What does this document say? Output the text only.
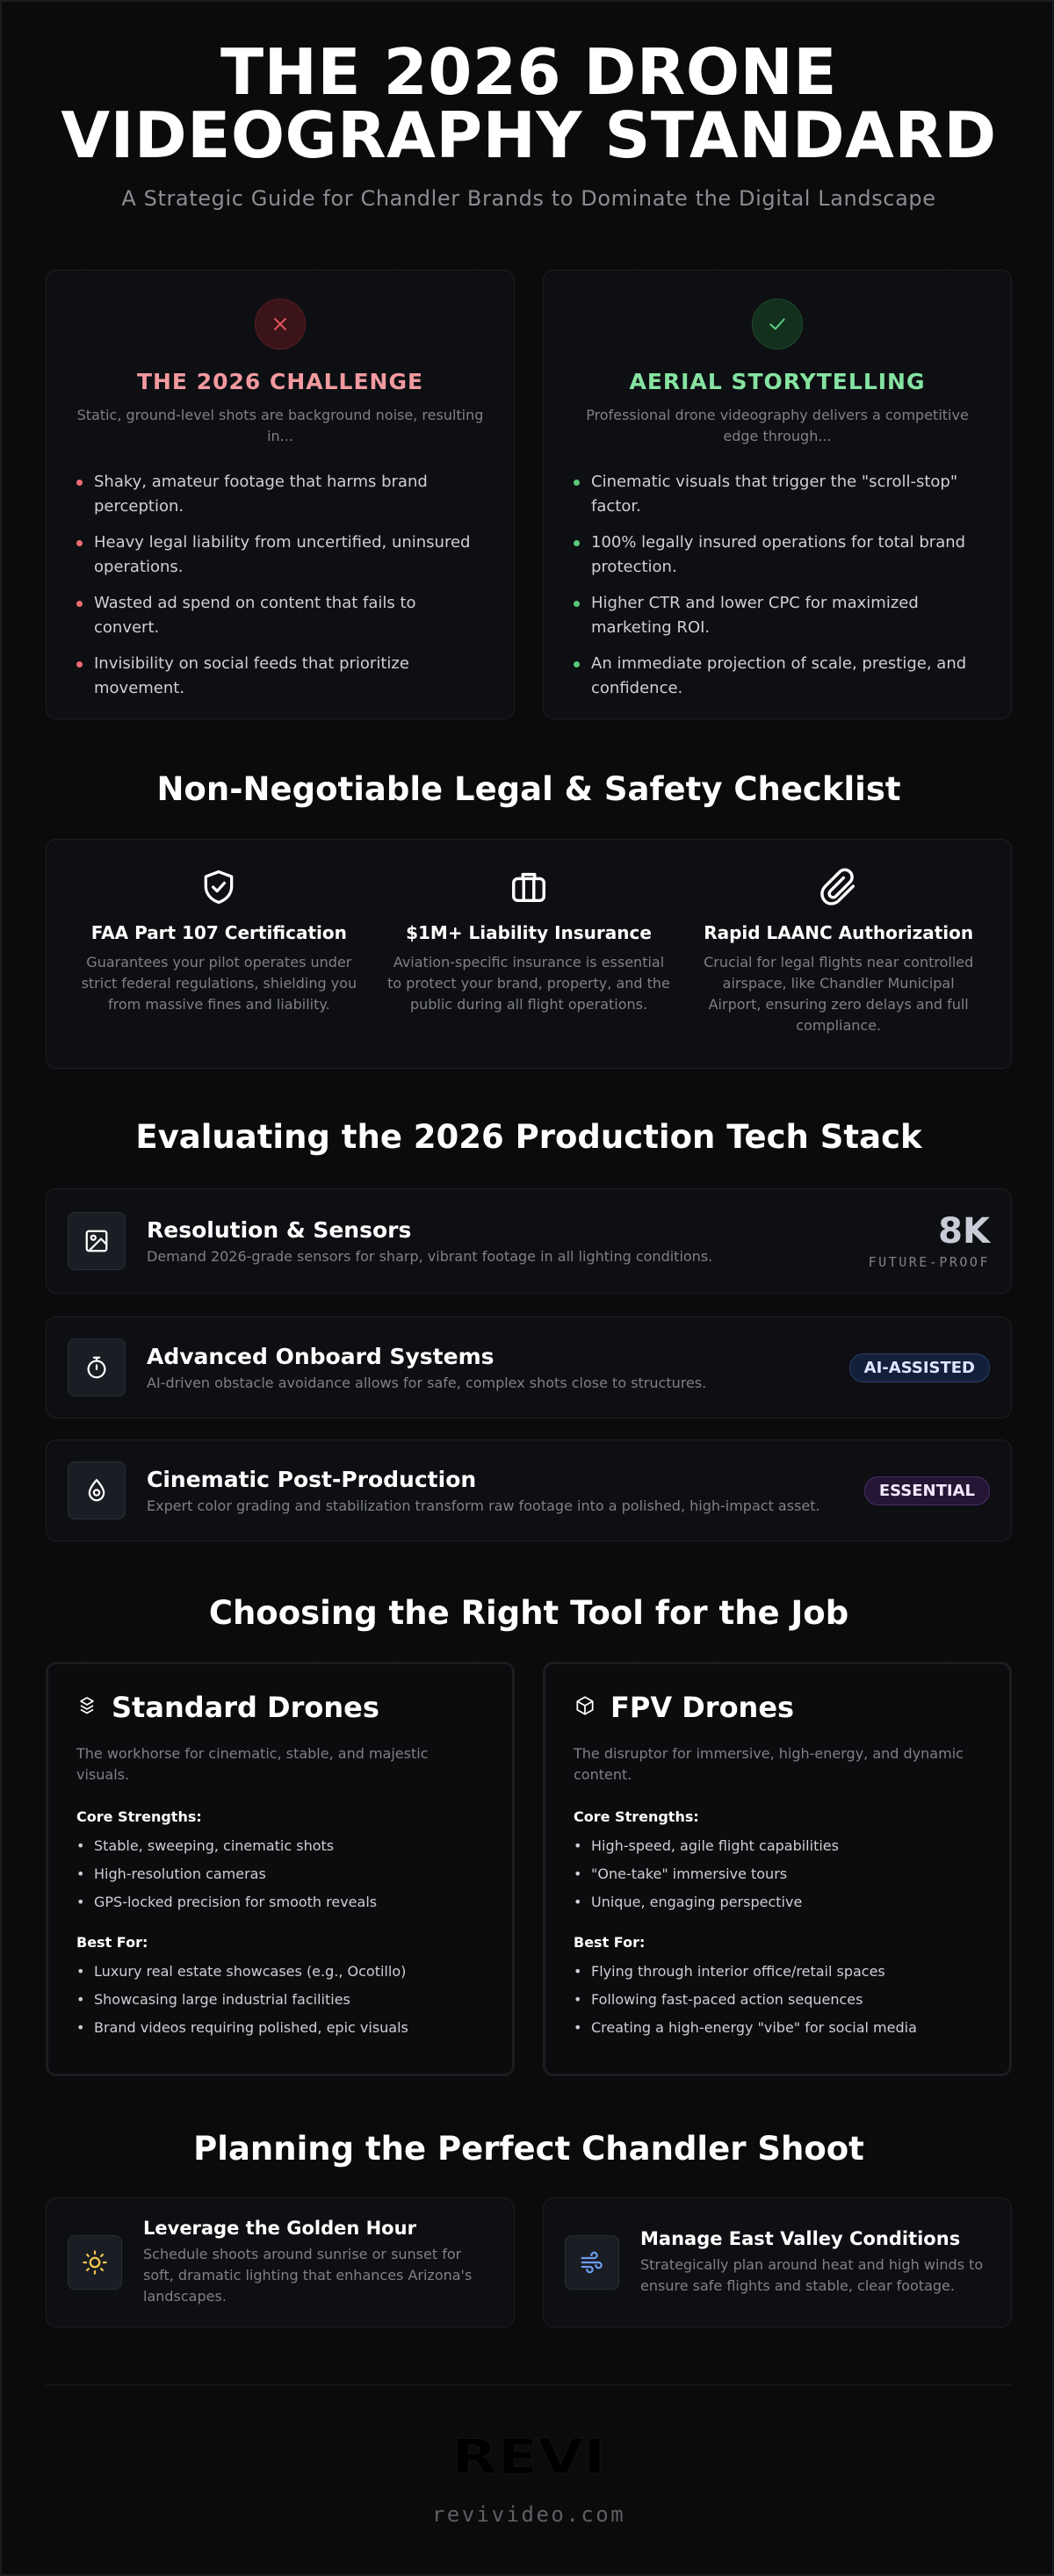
THE 2026 DRONE
VIDEOGRAPHY STANDARD
A Strategic Guide for Chandler Brands to Dominate the Digital Landscape
THE 2026 CHALLENGE
Static, ground-level shots are background noise, resulting in...
Shaky, amateur footage that harms brand perception.
Heavy legal liability from uncertified, uninsured operations.
Wasted ad spend on content that fails to convert.
Invisibility on social feeds that prioritize movement.
AERIAL STORYTELLING
Professional drone videography delivers a competitive edge through...
Cinematic visuals that trigger the "scroll-stop" factor.
100% legally insured operations for total brand protection.
Higher CTR and lower CPC for maximized marketing ROI.
An immediate projection of scale, prestige, and confidence.
Non-Negotiable Legal & Safety Checklist
FAA Part 107 Certification
Guarantees your pilot operates under strict federal regulations, shielding you from massive fines and liability.
$1M+ Liability Insurance
Aviation-specific insurance is essential to protect your brand, property, and the public during all flight operations.
Rapid LAANC Authorization
Crucial for legal flights near controlled airspace, like Chandler Municipal Airport, ensuring zero delays and full compliance.
Evaluating the 2026 Production Tech Stack
Resolution & Sensors
Demand 2026-grade sensors for sharp, vibrant footage in all lighting conditions.
8K
FUTURE-PROOF
Advanced Onboard Systems
AI-driven obstacle avoidance allows for safe, complex shots close to structures.
AI-ASSISTED
Cinematic Post-Production
Expert color grading and stabilization transform raw footage into a polished, high-impact asset.
ESSENTIAL
Choosing the Right Tool for the Job
Standard Drones
The workhorse for cinematic, stable, and majestic visuals.
Core Strengths:
• Stable, sweeping, cinematic shots
• High-resolution cameras
• GPS-locked precision for smooth reveals
Best For:
• Luxury real estate showcases (e.g., Ocotillo)
• Showcasing large industrial facilities
• Brand videos requiring polished, epic visuals
FPV Drones
The disruptor for immersive, high-energy, and dynamic content.
Core Strengths:
• High-speed, agile flight capabilities
• "One-take" immersive tours
• Unique, engaging perspective
Best For:
• Flying through interior office/retail spaces
• Following fast-paced action sequences
• Creating a high-energy "vibe" for social media
Planning the Perfect Chandler Shoot
Leverage the Golden Hour
Schedule shoots around sunrise or sunset for soft, dramatic lighting that enhances Arizona's landscapes.
Manage East Valley Conditions
Strategically plan around heat and high winds to ensure safe flights and stable, clear footage.
REVI
revivideo.com
